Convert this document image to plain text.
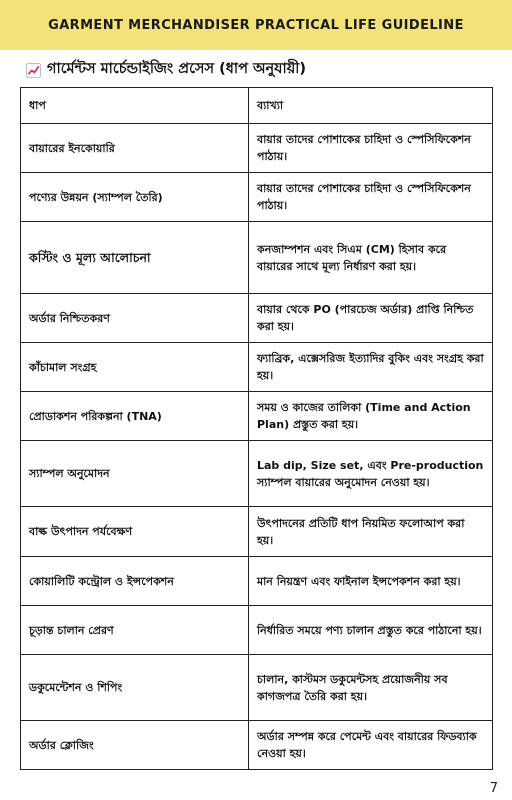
GARMENT MERCHANDISER PRACTICAL LIFE GUIDELINE
গার্মেন্টস মার্চেন্ডাইজিং প্রসেস (ধাপ অনুযায়ী)
ধাপ	ব্যাখ্যা
বায়ারের ইনকোয়ারি	বায়ার তাদের পোশাকের চাহিদা ও স্পেসিফিকেশন পাঠায়।
পণ্যের উন্নয়ন (স্যাম্পল তৈরি)	বায়ার তাদের পোশাকের চাহিদা ও স্পেসিফিকেশন পাঠায়।
কস্টিং ও মূল্য আলোচনা	কনজাম্পশন এবং সিএম (CM) হিসাব করে বায়ারের সাথে মূল্য নির্ধারণ করা হয়।
অর্ডার নিশ্চিতকরণ	বায়ার থেকে PO (পারচেজ অর্ডার) প্রাপ্তি নিশ্চিত করা হয়।
কাঁচামাল সংগ্রহ	ফ্যাব্রিক, এক্সেসরিজ ইত্যাদির বুকিং এবং সংগ্রহ করা হয়।
প্রোডাকশন পরিকল্পনা (TNA)	সময় ও কাজের তালিকা (Time and Action Plan) প্রস্তুত করা হয়।
স্যাম্পল অনুমোদন	Lab dip, Size set, এবং Pre-production স্যাম্পল বায়ারের অনুমোদন নেওয়া হয়।
বাল্ক উৎপাদন পর্যবেক্ষণ	উৎপাদনের প্রতিটি ধাপ নিয়মিত ফলোআপ করা হয়।
কোয়ালিটি কন্ট্রোল ও ইন্সপেকশন	মান নিয়ন্ত্রণ এবং ফাইনাল ইন্সপেকশন করা হয়।
চূড়ান্ত চালান প্রেরণ	নির্ধারিত সময়ে পণ্য চালান প্রস্তুত করে পাঠানো হয়।
ডকুমেন্টেশন ও শিপিং	চালান, কাস্টমস ডকুমেন্টসহ প্রয়োজনীয় সব কাগজপত্র তৈরি করা হয়।
অর্ডার ক্লোজিং	অর্ডার সম্পন্ন করে পেমেন্ট এবং বায়ারের ফিডব্যাক নেওয়া হয়।
7
